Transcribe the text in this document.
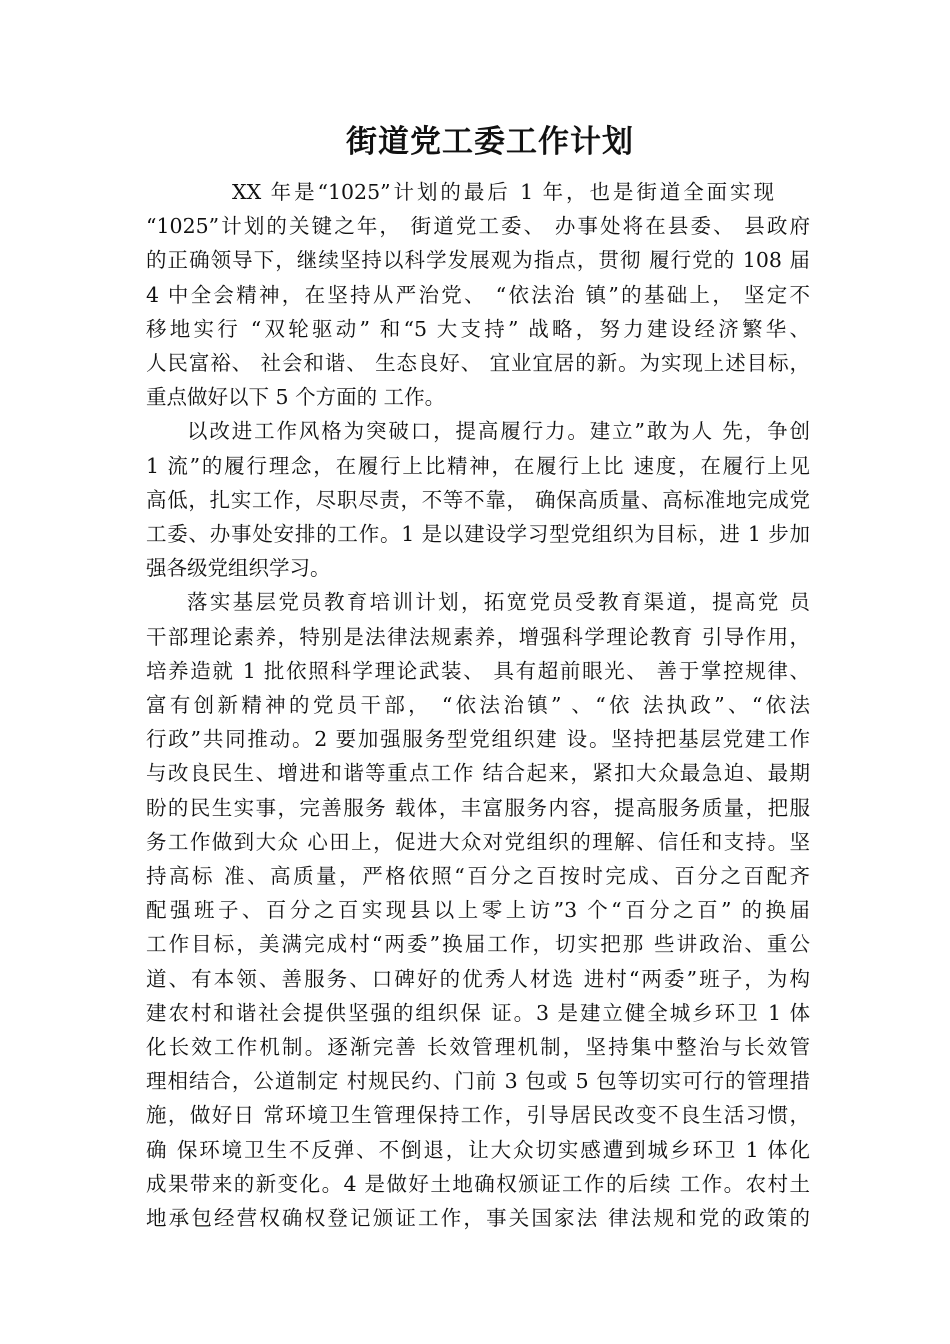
街道党工委工作计划
XX 年是“1025”计划的最后 1 年，也是街道全面实现
“1025”计划的关键之年， 街道党工委、 办事处将在县委、 县政府
的正确领导下，继续坚持以科学发展观为指点，贯彻 履行党的 108 届
4 中全会精神，在坚持从严治党、 “依法治 镇”的基础上， 坚定不
移地实行 “双轮驱动” 和“5 大支持” 战略，努力建设经济繁华、
人民富裕、 社会和谐、 生态良好、 宜业宜居的新。为实现上述目标，
重点做好以下 5 个方面的 工作。
以改进工作风格为突破口，提高履行力。建立”敢为人 先，争创
1 流”的履行理念，在履行上比精神，在履行上比 速度，在履行上见
高低，扎实工作，尽职尽责，不等不靠， 确保高质量、高标准地完成党
工委、办事处安排的工作。1 是以建设学习型党组织为目标，进 1 步加
强各级党组织学习。
落实基层党员教育培训计划，拓宽党员受教育渠道，提高党 员
干部理论素养，特别是法律法规素养，增强科学理论教育 引导作用，
培养造就 1 批依照科学理论武装、 具有超前眼光、 善于掌控规律、
富有创新精神的党员干部， “依法治镇” 、“依 法执政”、“依法
行政”共同推动。2 要加强服务型党组织建 设。坚持把基层党建工作
与改良民生、增进和谐等重点工作 结合起来，紧扣大众最急迫、最期
盼的民生实事，完善服务 载体，丰富服务内容，提高服务质量，把服
务工作做到大众 心田上，促进大众对党组织的理解、信任和支持。坚
持高标 准、高质量，严格依照“百分之百按时完成、百分之百配齐
配强班子、百分之百实现县以上零上访”3 个“百分之百” 的换届
工作目标，美满完成村“两委”换届工作，切实把那 些讲政治、重公
道、有本领、善服务、口碑好的优秀人材选 进村“两委”班子，为构
建农村和谐社会提供坚强的组织保 证。3 是建立健全城乡环卫 1 体
化长效工作机制。逐渐完善 长效管理机制，坚持集中整治与长效管
理相结合，公道制定 村规民约、门前 3 包或 5 包等切实可行的管理措
施，做好日 常环境卫生管理保持工作，引导居民改变不良生活习惯，
确 保环境卫生不反弹、不倒退，让大众切实感遭到城乡环卫 1 体化
成果带来的新变化。4 是做好土地确权颁证工作的后续 工作。农村土
地承包经营权确权登记颁证工作，事关国家法 律法规和党的政策的
